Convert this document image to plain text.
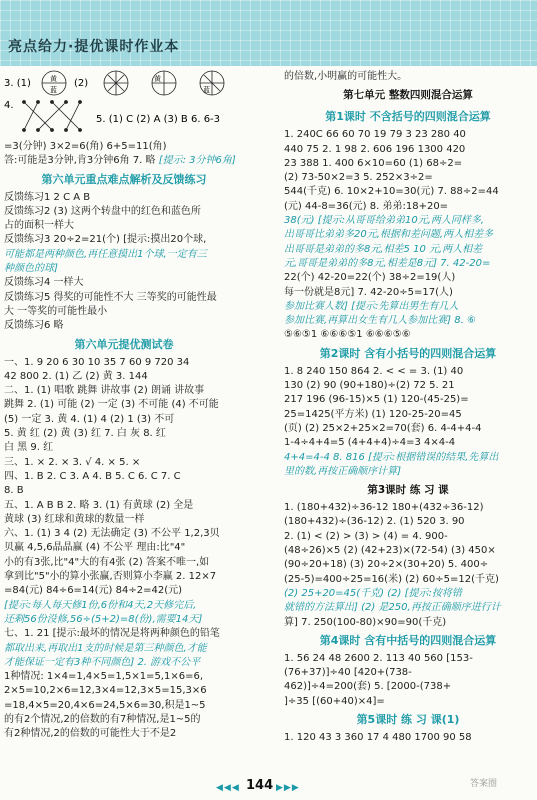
亮点给力·提优课时作业本
3. (1)	黄
蓝
(2)	黄
蓝
4.
5. (1) C (2) A (3) B 6. 6-3
=3(分钟) 3×2=6(角) 6+5=11(角)
答:可能是3分钟,肯3分钟6角 7. 略 [提示: 3分钟6角]
第六单元重点难点解析及反馈练习
反馈练习1 2 C A B
反馈练习2 (3) 这两个转盘中的红色和蓝色所
占的面积一样大
反馈练习3 20÷2=21(个) [提示:摸出20个球,
可能都是两种颜色,再任意摸出1个球,一定有三
种颜色的球]
反馈练习4 一样大
反馈练习5 得奖的可能性不大 三等奖的可能性最
大 一等奖的可能性最小
反馈练习6 略
第六单元提优测试卷
一、1. 9 20 6 30 10 35 7 60 9 720 34
42 800 2. (1) 乙 (2) 黄 3. 144
二、1. (1) 唱歌 跳舞 讲故事 (2) 朗诵 讲故事
跳舞 2. (1) 可能 (2) 一定 (3) 不可能 (4) 不可能
(5) 一定 3. 黄 4. (1) 4 (2) 1 (3) 不可
5. 黄 红 (2) 黄 (3) 红 7. 白 灰 8. 红
白 黑 9. 红
三、1. × 2. × 3. √ 4. × 5. ×
四、1. B 2. C 3. A 4. B 5. C 6. C 7. C
8. B
五、1. A B B 2. 略 3. (1) 有黄球 (2) 全是
黄球 (3) 红球和黄球的数量一样
六、1. (1) 3 4 (2) 无法确定 (3) 不公平 1,2,3贝
贝赢 4,5,6晶晶赢 (4) 不公平 理由:比"4"
小的有3张,比"4"大的有4张 (2) 答案不唯一,如
拿到比"5"小的算小张赢,否则算小李赢 2. 12×7
=84(元) 84÷6=14(元) 84÷2=42(元)
[提示:每人每天修1份,6份和4天,2天修完后,
还剩56份没修,56÷(5+2)=8(份),需要14天]
七、1. 21 [提示:最坏的情况是将两种颜色的铅笔
都取出来,再取出1支的时候是第三种颜色,才能
才能保证一定有3种不同颜色] 2. 游戏不公平
1种情况: 1×4=1,4×5=1,5×1=5,1×6=6,
2×5=10,2×6=12,3×4=12,3×5=15,3×6
=18,4×5=20,4×6=24,5×6=30,积是1~5
的有2个情况,2的倍数的有7种情况,是1~5的
有2种情况,2的倍数的可能性大于不是2
的倍数,小明赢的可能性大。
第七单元 整数四则混合运算
第1课时 不含括号的四则混合运算
1. 240C 66 60 70 19 79 3 23 280 40
440 75 2. 1 98 2. 606 196 1300 420
23 388 1. 400 6×10=60 (1) 68÷2=
(2) 73-50×2=3 5. 252×3÷2=
544(千克) 6. 10×2+10=30(元) 7. 88÷2=44
(元) 44-8=36(元) 8. 弟弟:18+20=
38(元) [提示:从哥哥给弟弟10元,两人同样多,
出哥哥比弟弟多20元,根据和差问题,两人相差多
出哥哥是弟弟的多8元,相差5 10 元,两人相差
元,哥哥是弟弟的多8元,相差是8元] 7. 42-20=
22(个) 42-20=22(个) 38÷2=19(人)
每一份就是8元] 7. 42-20÷5=17(人)
参加比赛人数] [提示:先算出男生有几人
参加比赛,再算出女生有几人参加比赛] 8. ⑥
⑤⑥⑤1 ⑥⑥⑥⑤1 ⑥⑥⑥⑤⑥
第2课时 含有小括号的四则混合运算
1. 8 240 150 864 2. < < = 3. (1) 40
130 (2) 90 (90+180)÷(2) 72 5. 21
217 196 (96-15)×5 (1) 120-(45-25)=
25=1425(平方米) (1) 120-25-20=45
(页) (2) 25×2+25×2=70(套) 6. 4-4+4-4
1-4÷4+4=5 (4+4+4)÷4=3 4×4-4
4+4=4-4 8. 816 [提示:根据错误的结果,先算出
里的数,再按正确顺序计算]
第3课时 练 习 课
1. (180+432)÷36-12 180+(432÷36-12)
(180+432)÷(36-12) 2. (1) 520 3. 90
2. (1) < (2) > (3) > (4) = 4. 900-
(48÷26)×5 (2) (42+23)×(72-54) (3) 450×
(90÷20+18) (3) 20÷2×(30+20) 5. 400÷
(25-5)=400÷25=16(米) (2) 60÷5=12(千克)
(2) 25+20=45(千克) (2) [提示:按将错
就错的方法算出] (2) 是250,再按正确顺序进行计
算] 7. 250(100-80)×90=90(千克)
第4课时 含有中括号的四则混合运算
1. 56 24 48 2600 2. 113 40 560 [153-
(76+37)]÷40 [420+(738-
462)]÷4=200(套) 5. [2000-(738+
]÷35 [(60+40)×4]=
第5课时 练 习 课(1)
1. 120 43 3 360 17 4 480 1700 90 58
◀◀◀ 144 ▶▶▶	答案圈
